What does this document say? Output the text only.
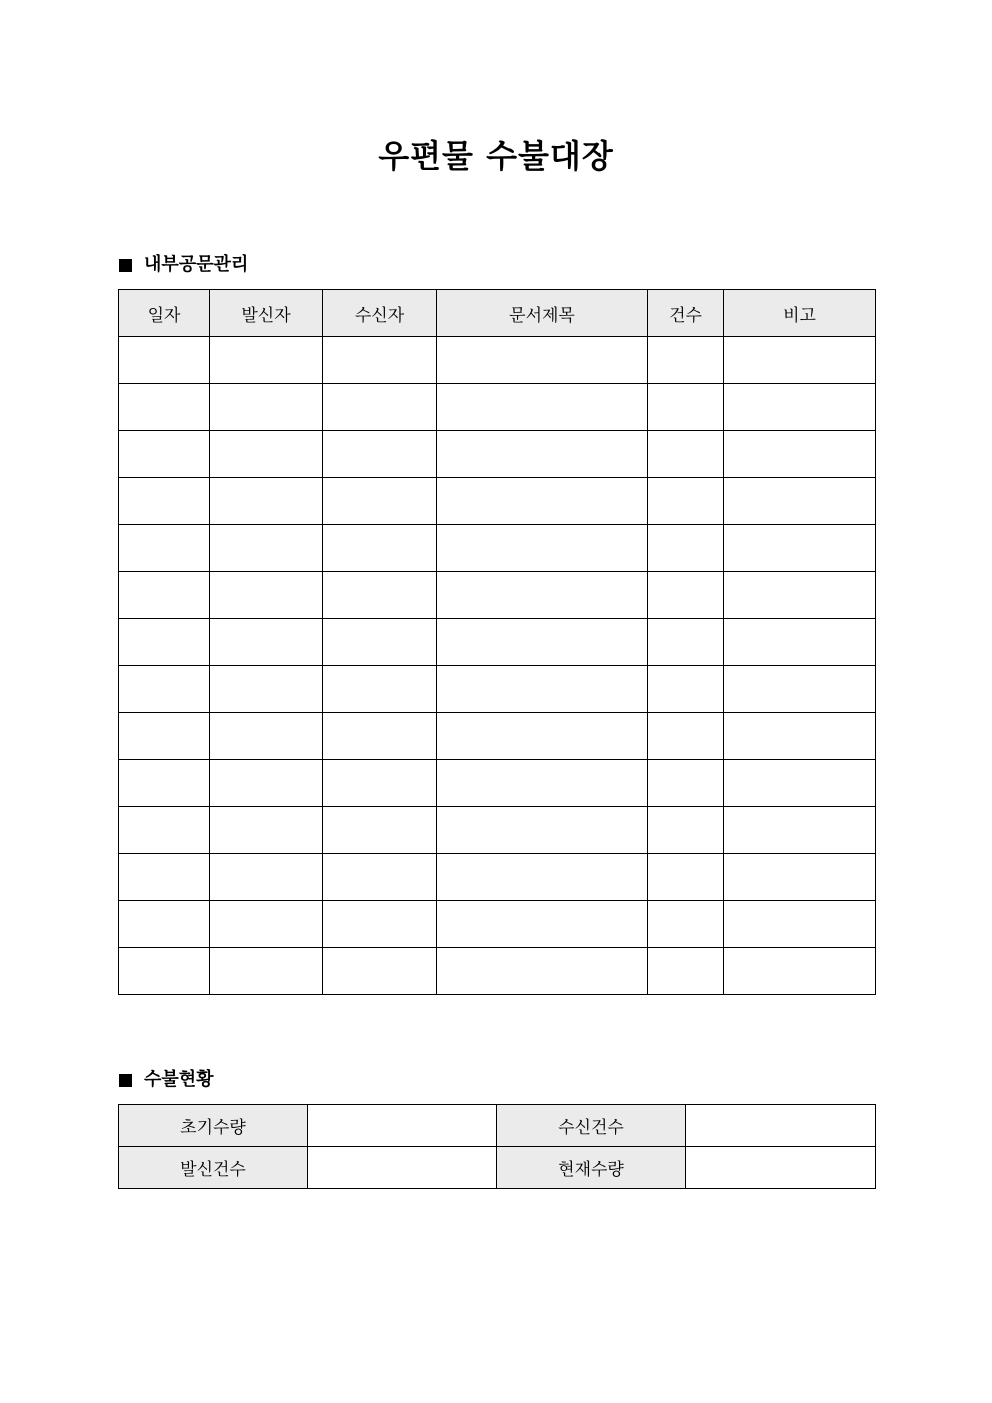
우편물 수불대장
내부공문관리
일자	발신자	수신자	문서제목	건수	비고

수불현황
초기수량		수신건수	
발신건수		현재수량	
